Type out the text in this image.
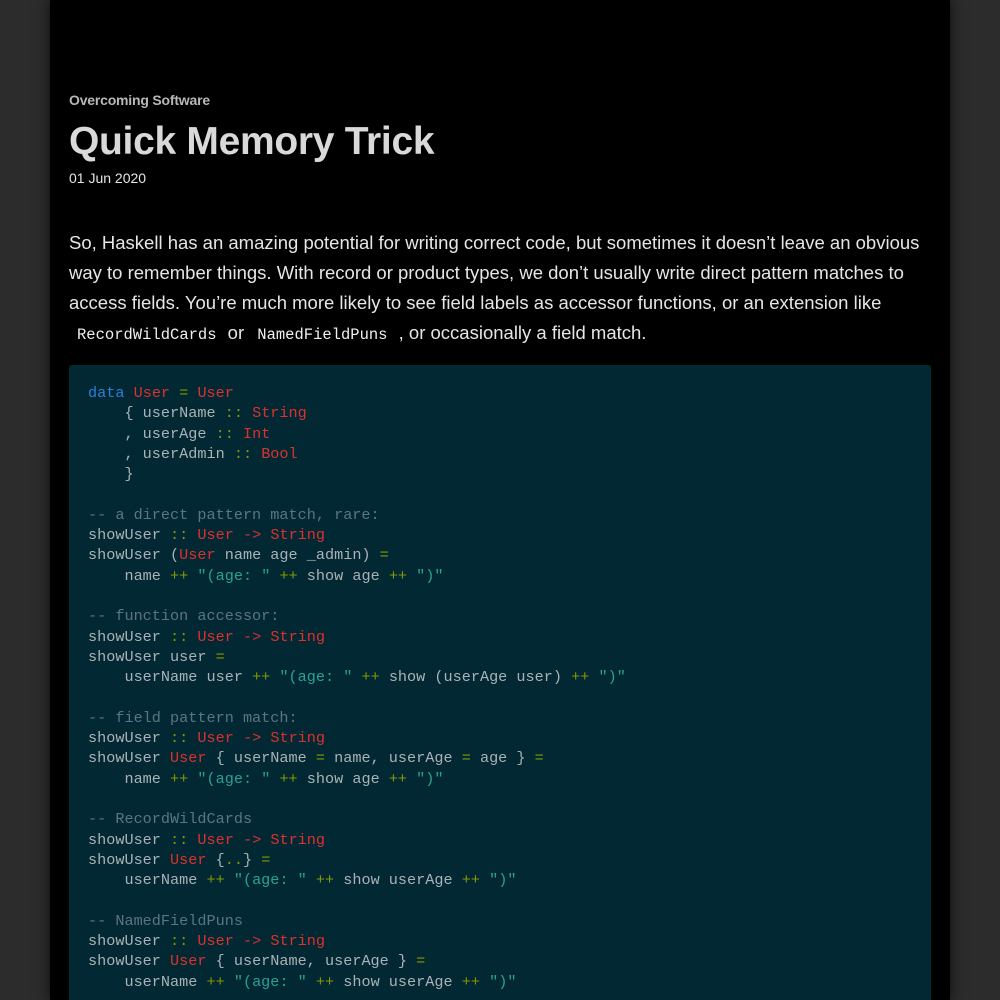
Overcoming Software
Quick Memory Trick
01 Jun 2020

So, Haskell has an amazing potential for writing correct code, but sometimes it doesn’t leave an obvious way to remember things. With record or product types, we don’t usually write direct pattern matches to access fields. You’re much more likely to see field labels as accessor functions, or an extension like RecordWildCards or NamedFieldPuns , or occasionally a field match.

data User = User
{ userName :: String
, userAge :: Int
, userAdmin :: Bool
}
-- a direct pattern match, rare:
showUser :: User -> String
showUser (User name age _admin) =
name ++ "(age: " ++ show age ++ ")"
-- function accessor:
showUser :: User -> String
showUser user =
userName user ++ "(age: " ++ show (userAge user) ++ ")"
-- field pattern match:
showUser :: User -> String
showUser User { userName = name, userAge = age } =
name ++ "(age: " ++ show age ++ ")"
-- RecordWildCards
showUser :: User -> String
showUser User {..} =
userName ++ "(age: " ++ show userAge ++ ")"
-- NamedFieldPuns
showUser :: User -> String
showUser User { userName, userAge } =
userName ++ "(age: " ++ show userAge ++ ")"
